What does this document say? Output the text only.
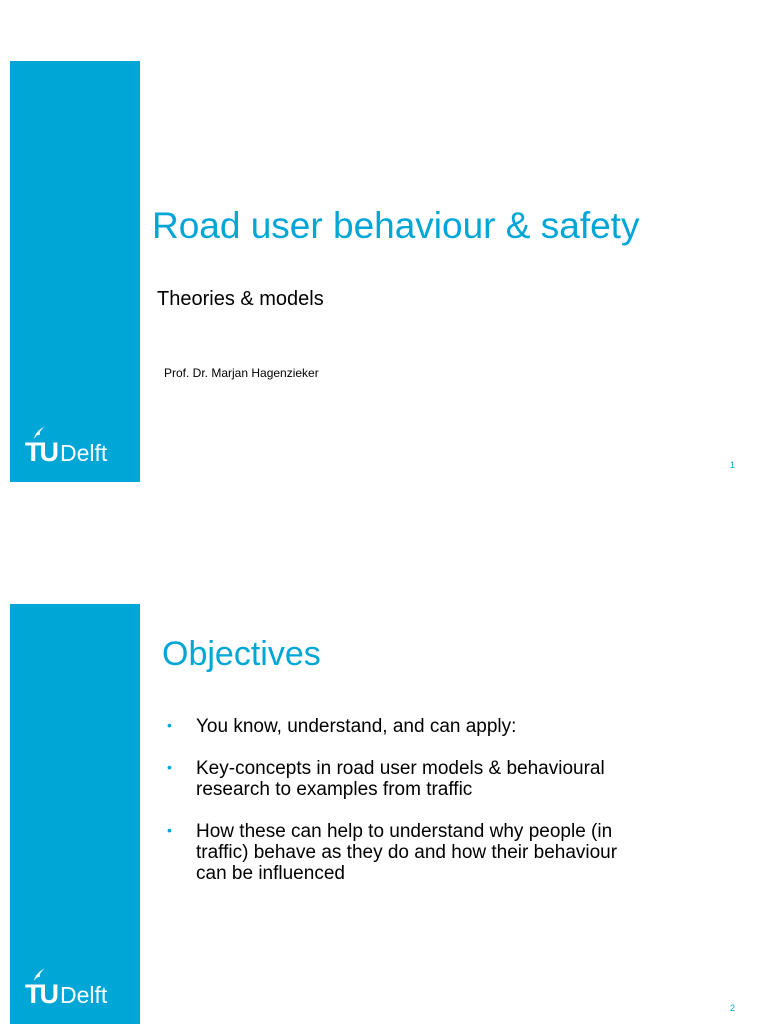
TU Delft
Road user behaviour & safety
Theories & models
Prof. Dr. Marjan Hagenzieker
1
TU Delft
Objectives
• You know, understand, and can apply:
• Key-concepts in road user models & behavioural research to examples from traffic
• How these can help to understand why people (in traffic) behave as they do and how their behaviour can be influenced
2
